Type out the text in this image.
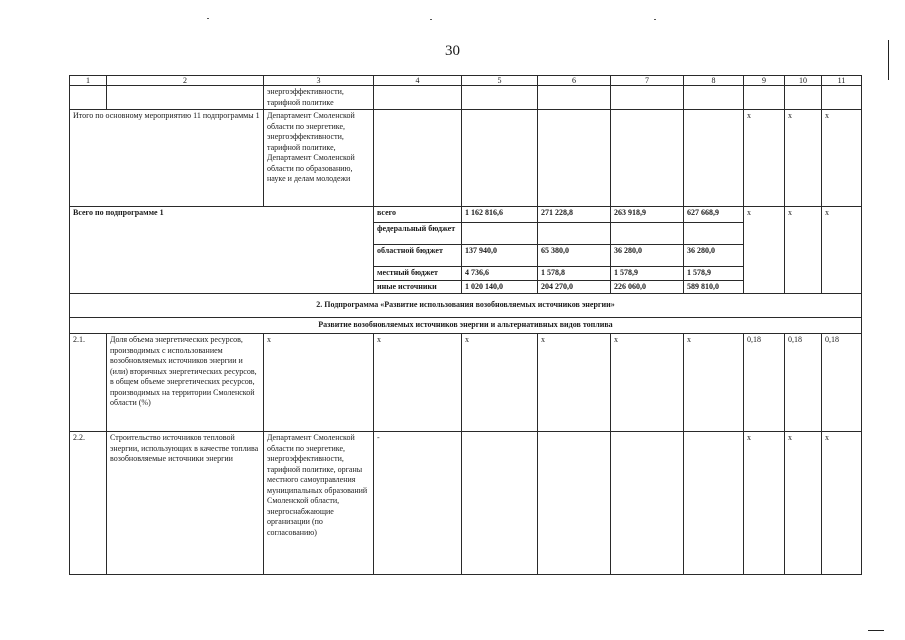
30
1	2	3	4	5	6	7	8	9	10	11
		энергоэффективности, тарифной политике								
Итого по основному мероприятию 11 подпрограммы 1		Департамент Смоленской области по энергетике, энергоэффективности, тарифной политике, Департамент Смоленской области по образованию, науке и делам молодежи						х	х	х
Всего по подпрограмме 1			всего	1 162 816,6	271 228,8	263 918,9	627 668,9	х	х	х
			федеральный бюджет							
			областной бюджет	137 940,0	65 380,0	36 280,0	36 280,0			
			местный бюджет	4 736,6	1 578,8	1 578,9	1 578,9			
			иные источники	1 020 140,0	204 270,0	226 060,0	589 810,0			
2. Подпрограмма «Развитие использования возобновляемых источников энергии»										
Развитие возобновляемых источников энергии и альтернативных видов топлива										
2.1.	Доля объема энергетических ресурсов, производимых с использованием возобновляемых источников энергии и (или) вторичных энергетических ресурсов, в общем объеме энергетических ресурсов, производимых на территории Смоленской области (%)	х	х	х	х	х	х	0,18	0,18	0,18
2.2.	Строительство источников тепловой энергии, использующих в качестве топлива возобновляемые источники энергии	Департамент Смоленской области по энергетике, энергоэффективности, тарифной политике, органы местного самоуправления муниципальных образований Смоленской области, энергоснабжающие организации (по согласованию)	-					х	х	х
